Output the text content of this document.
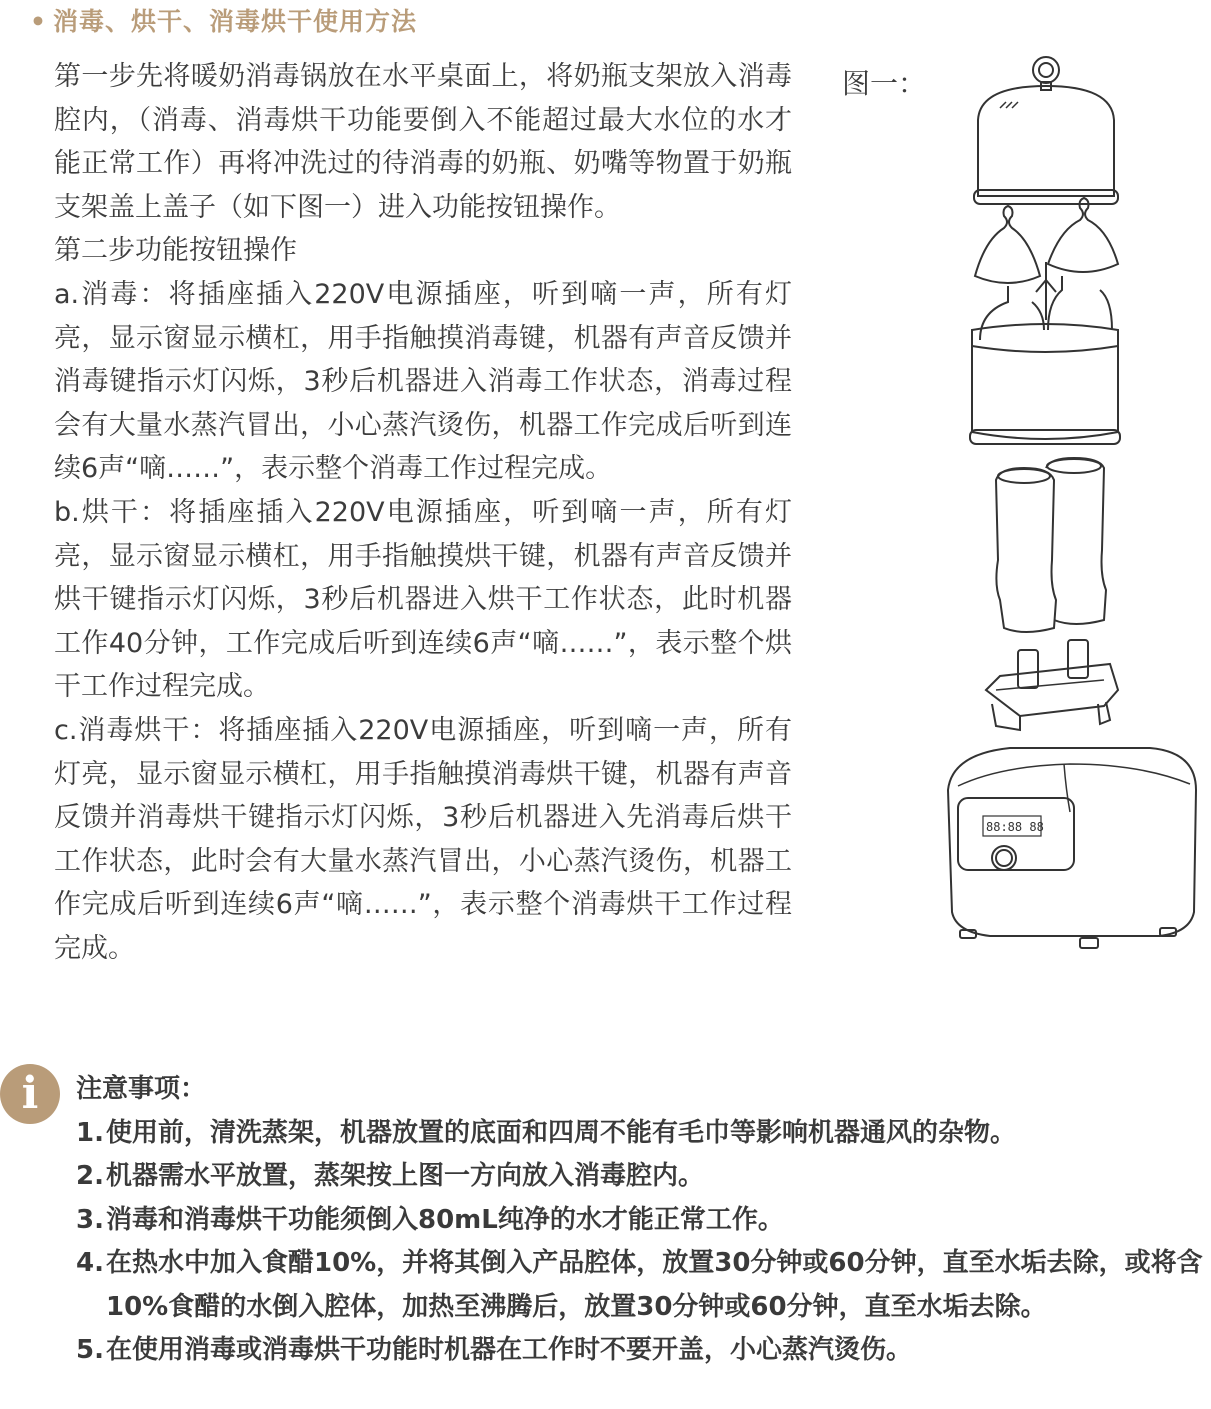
• 消毒、烘干、消毒烘干使用方法

第一步先将暖奶消毒锅放在水平桌面上，将奶瓶支架放入消毒腔内，（消毒、消毒烘干功能要倒入不能超过最大水位的水才能正常工作）再将冲洗过的待消毒的奶瓶、奶嘴等物置于奶瓶支架盖上盖子（如下图一）进入功能按钮操作。

第二步功能按钮操作

a.消毒：将插座插入220V电源插座，听到嘀一声，所有灯亮，显示窗显示横杠，用手指触摸消毒键，机器有声音反馈并消毒键指示灯闪烁，3秒后机器进入消毒工作状态，消毒过程会有大量水蒸汽冒出，小心蒸汽烫伤，机器工作完成后听到连续6声“嘀……”，表示整个消毒工作过程完成。

b.烘干：将插座插入220V电源插座，听到嘀一声，所有灯亮，显示窗显示横杠，用手指触摸烘干键，机器有声音反馈并烘干键指示灯闪烁，3秒后机器进入烘干工作状态，此时机器工作40分钟，工作完成后听到连续6声“嘀……”，表示整个烘干工作过程完成。

c.消毒烘干：将插座插入220V电源插座，听到嘀一声，所有灯亮，显示窗显示横杠，用手指触摸消毒烘干键，机器有声音反馈并消毒烘干键指示灯闪烁，3秒后机器进入先消毒后烘干工作状态，此时会有大量水蒸汽冒出，小心蒸汽烫伤，机器工作完成后听到连续6声“嘀……”，表示整个消毒烘干工作过程完成。

图一：
88:88 88
i	注意事项：

1. 使用前，清洗蒸架，机器放置的底面和四周不能有毛巾等影响机器通风的杂物。
2. 机器需水平放置，蒸架按上图一方向放入消毒腔内。
3. 消毒和消毒烘干功能须倒入80mL纯净的水才能正常工作。
4. 在热水中加入食醋10%，并将其倒入产品腔体，放置30分钟或60分钟，直至水垢去除，或将含10%食醋的水倒入腔体，加热至沸腾后，放置30分钟或60分钟，直至水垢去除。
5. 在使用消毒或消毒烘干功能时机器在工作时不要开盖，小心蒸汽烫伤。
